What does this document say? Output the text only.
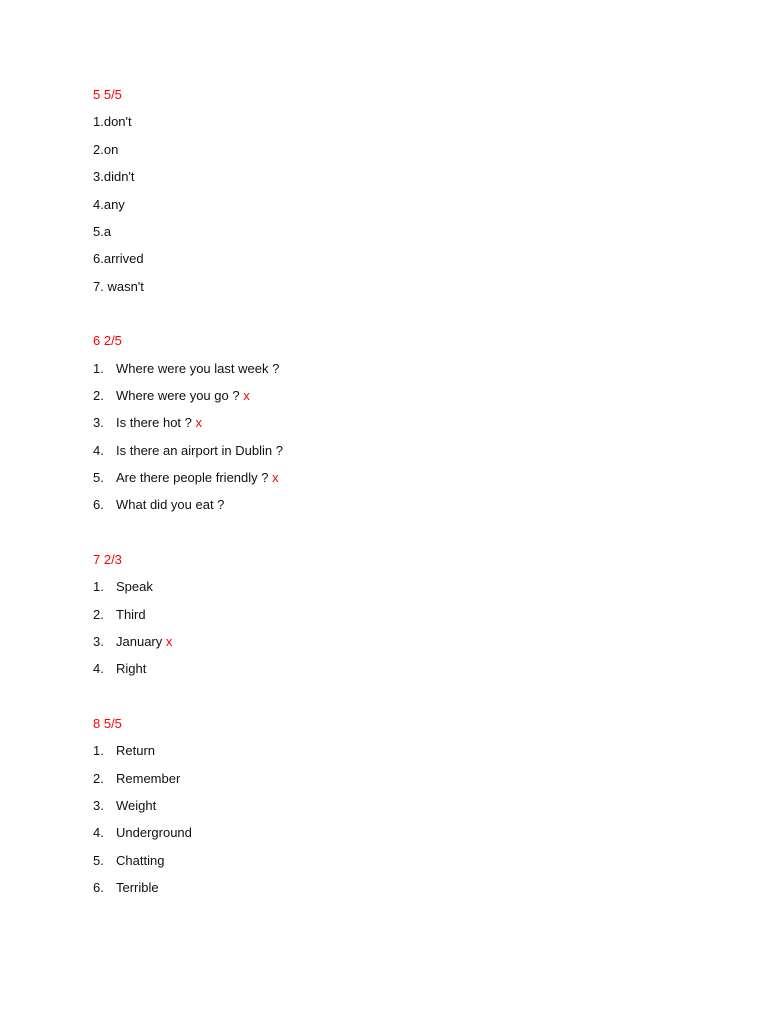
5 5/5
1.don't
2.on
3.didn't
4.any
5.a
6.arrived
7. wasn't
6 2/5
1. Where were you last week ?
2. Where were you go ? x
3. Is there hot ? x
4. Is there an airport in Dublin ?
5. Are there people friendly ? x
6. What did you eat ?
7 2/3
1. Speak
2. Third
3. January x
4. Right
8 5/5
1. Return
2. Remember
3. Weight
4. Underground
5. Chatting
6. Terrible
